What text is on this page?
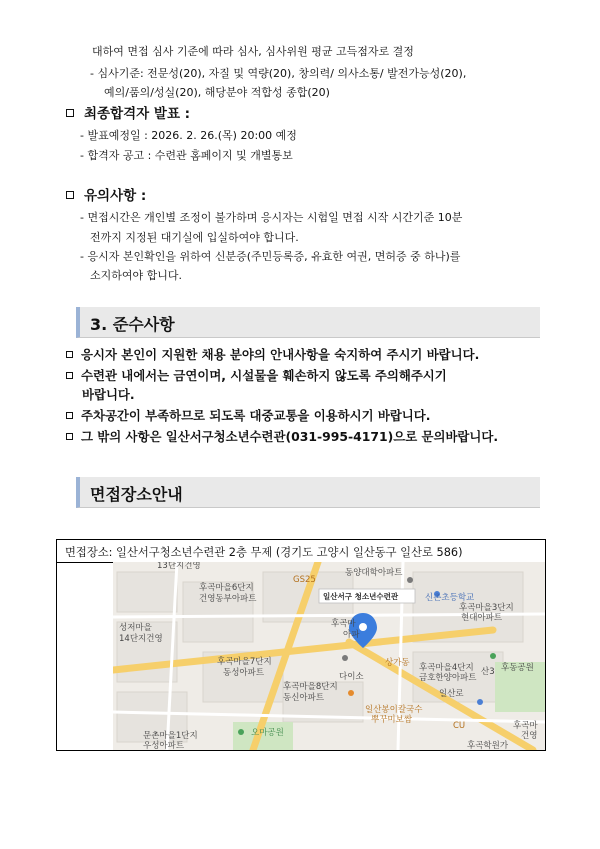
대하여 면접 심사 기준에 따라 심사, 심사위원 평균 고득점자로 결정
- 심사기준: 전문성(20), 자질 및 역량(20), 창의력/ 의사소통/ 발전가능성(20),
예의/품의/성실(20), 해당분야 적합성 종합(20)
최종합격자 발표 :
- 발표예정일 : 2026. 2. 26.(목) 20:00 예정
- 합격자 공고 : 수련관 홈페이지 및 개별통보
유의사항 :
- 면접시간은 개인별 조정이 불가하며 응시자는 시험일 면접 시작 시간기준 10분
전까지 지정된 대기실에 입실하여야 합니다.
- 응시자 본인확인을 위하여 신분증(주민등록증, 유효한 여권, 면허증 중 하나)를
소지하여야 합니다.
3. 준수사항
응시자 본인이 지원한 채용 분야의 안내사항을 숙지하여 주시기 바랍니다.
수련관 내에서는 금연이며, 시설물을 훼손하지 않도록 주의해주시기
바랍니다.
주차공간이 부족하므로 되도록 대중교통을 이용하시기 바랍니다.
그 밖의 사항은 일산서구청소년수련관(031-995-4171)으로 문의바랍니다.
면접장소안내
면접장소: 일산서구청소년수련관 2층 무제 (경기도 고양시 일산동구 일산로 586)
13단지건영
GS25
동양대학아파트
후곡마을6단지
건영동부아파트	일산서구 청소년수련관	신촌초등학교
후곡마을3단지
현대아파트
성저마을
14단지건영
후곡마
아파
후곡마을7단지
동성아파트
상가동 후곡마을4단지
금호한양아파트
산3 후동공원
다이소
일산로
후곡마을8단지
동신아파트
일산봉이칼국수
뿌꾸미보쌈
CU
오마공원
후곡마
건영
문촌마을1단지
우성아파트	후곡학원가
